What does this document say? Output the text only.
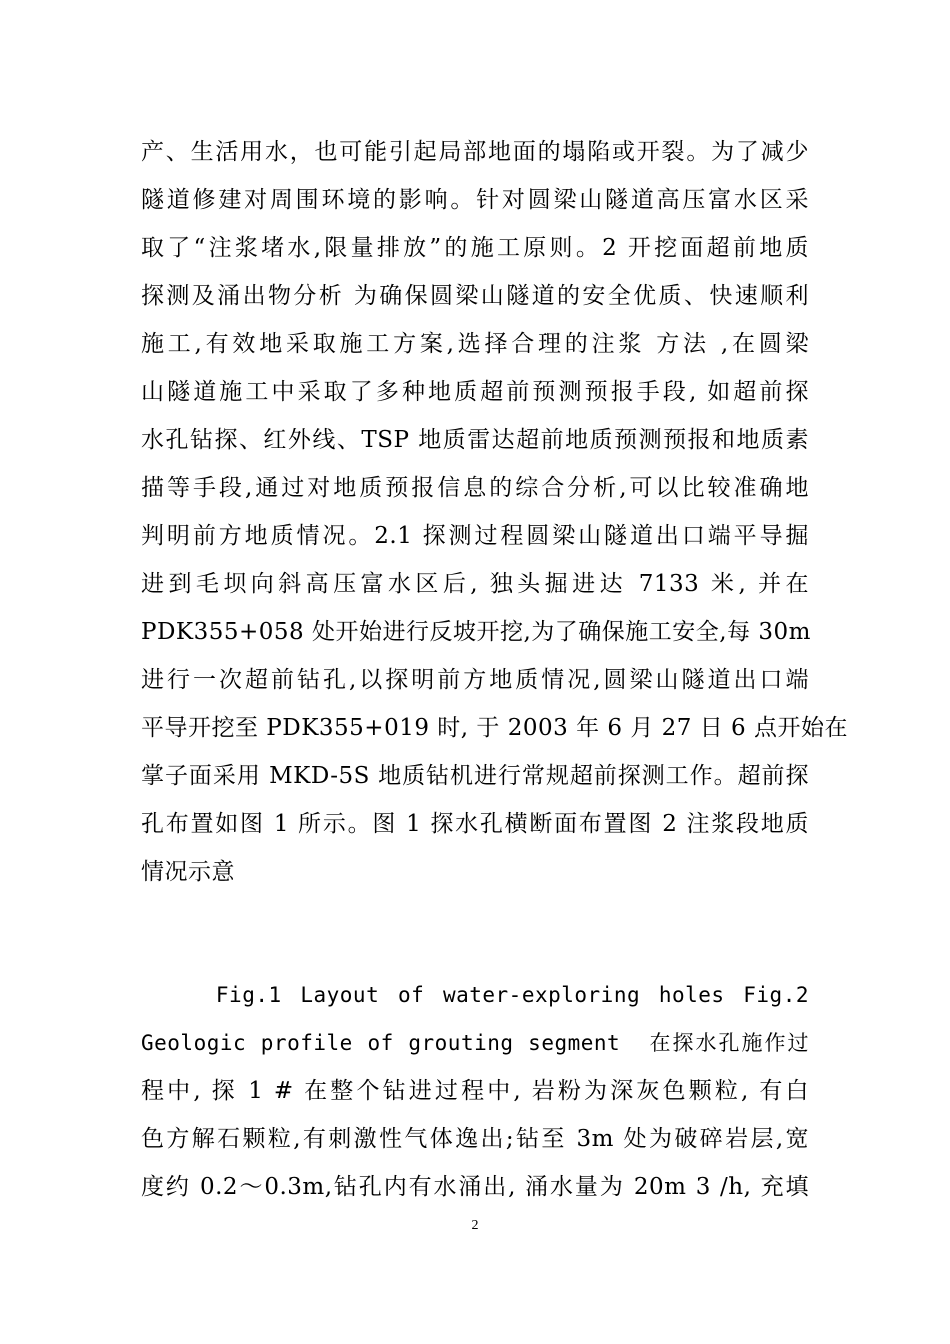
产、生活用水，也可能引起局部地面的塌陷或开裂。为了减少
隧道修建对周围环境的影响。针对圆梁山隧道高压富水区采
取了“注浆堵水,限量排放”的施工原则。2 开挖面超前地质
探测及涌出物分析 为确保圆梁山隧道的安全优质、快速顺利
施工,有效地采取施工方案,选择合理的注浆 方法 ,在圆梁
山隧道施工中采取了多种地质超前预测预报手段, 如超前探
水孔钻探、红外线、TSP 地质雷达超前地质预测预报和地质素
描等手段,通过对地质预报信息的综合分析,可以比较准确地
判明前方地质情况。2.1 探测过程圆梁山隧道出口端平导掘
进到毛坝向斜高压富水区后, 独头掘进达 7133 米, 并在
PDK355+058 处开始进行反坡开挖,为了确保施工安全,每 30m
进行一次超前钻孔,以探明前方地质情况,圆梁山隧道出口端
平导开挖至 PDK355+019 时, 于 2003 年 6 月 27 日 6 点开始在
掌子面采用 MKD-5S 地质钻机进行常规超前探测工作。超前探
孔布置如图 1 所示。图 1 探水孔横断面布置图 2 注浆段地质
情况示意
Fig.1 Layout of water-exploring holes Fig.2
Geologic profile of grouting segment  在探水孔施作过
程中, 探 1 # 在整个钻进过程中, 岩粉为深灰色颗粒, 有白
色方解石颗粒,有刺激性气体逸出;钻至 3m 处为破碎岩层,宽
度约 0.2～0.3m,钻孔内有水涌出, 涌水量为 20m 3 /h, 充填
2
